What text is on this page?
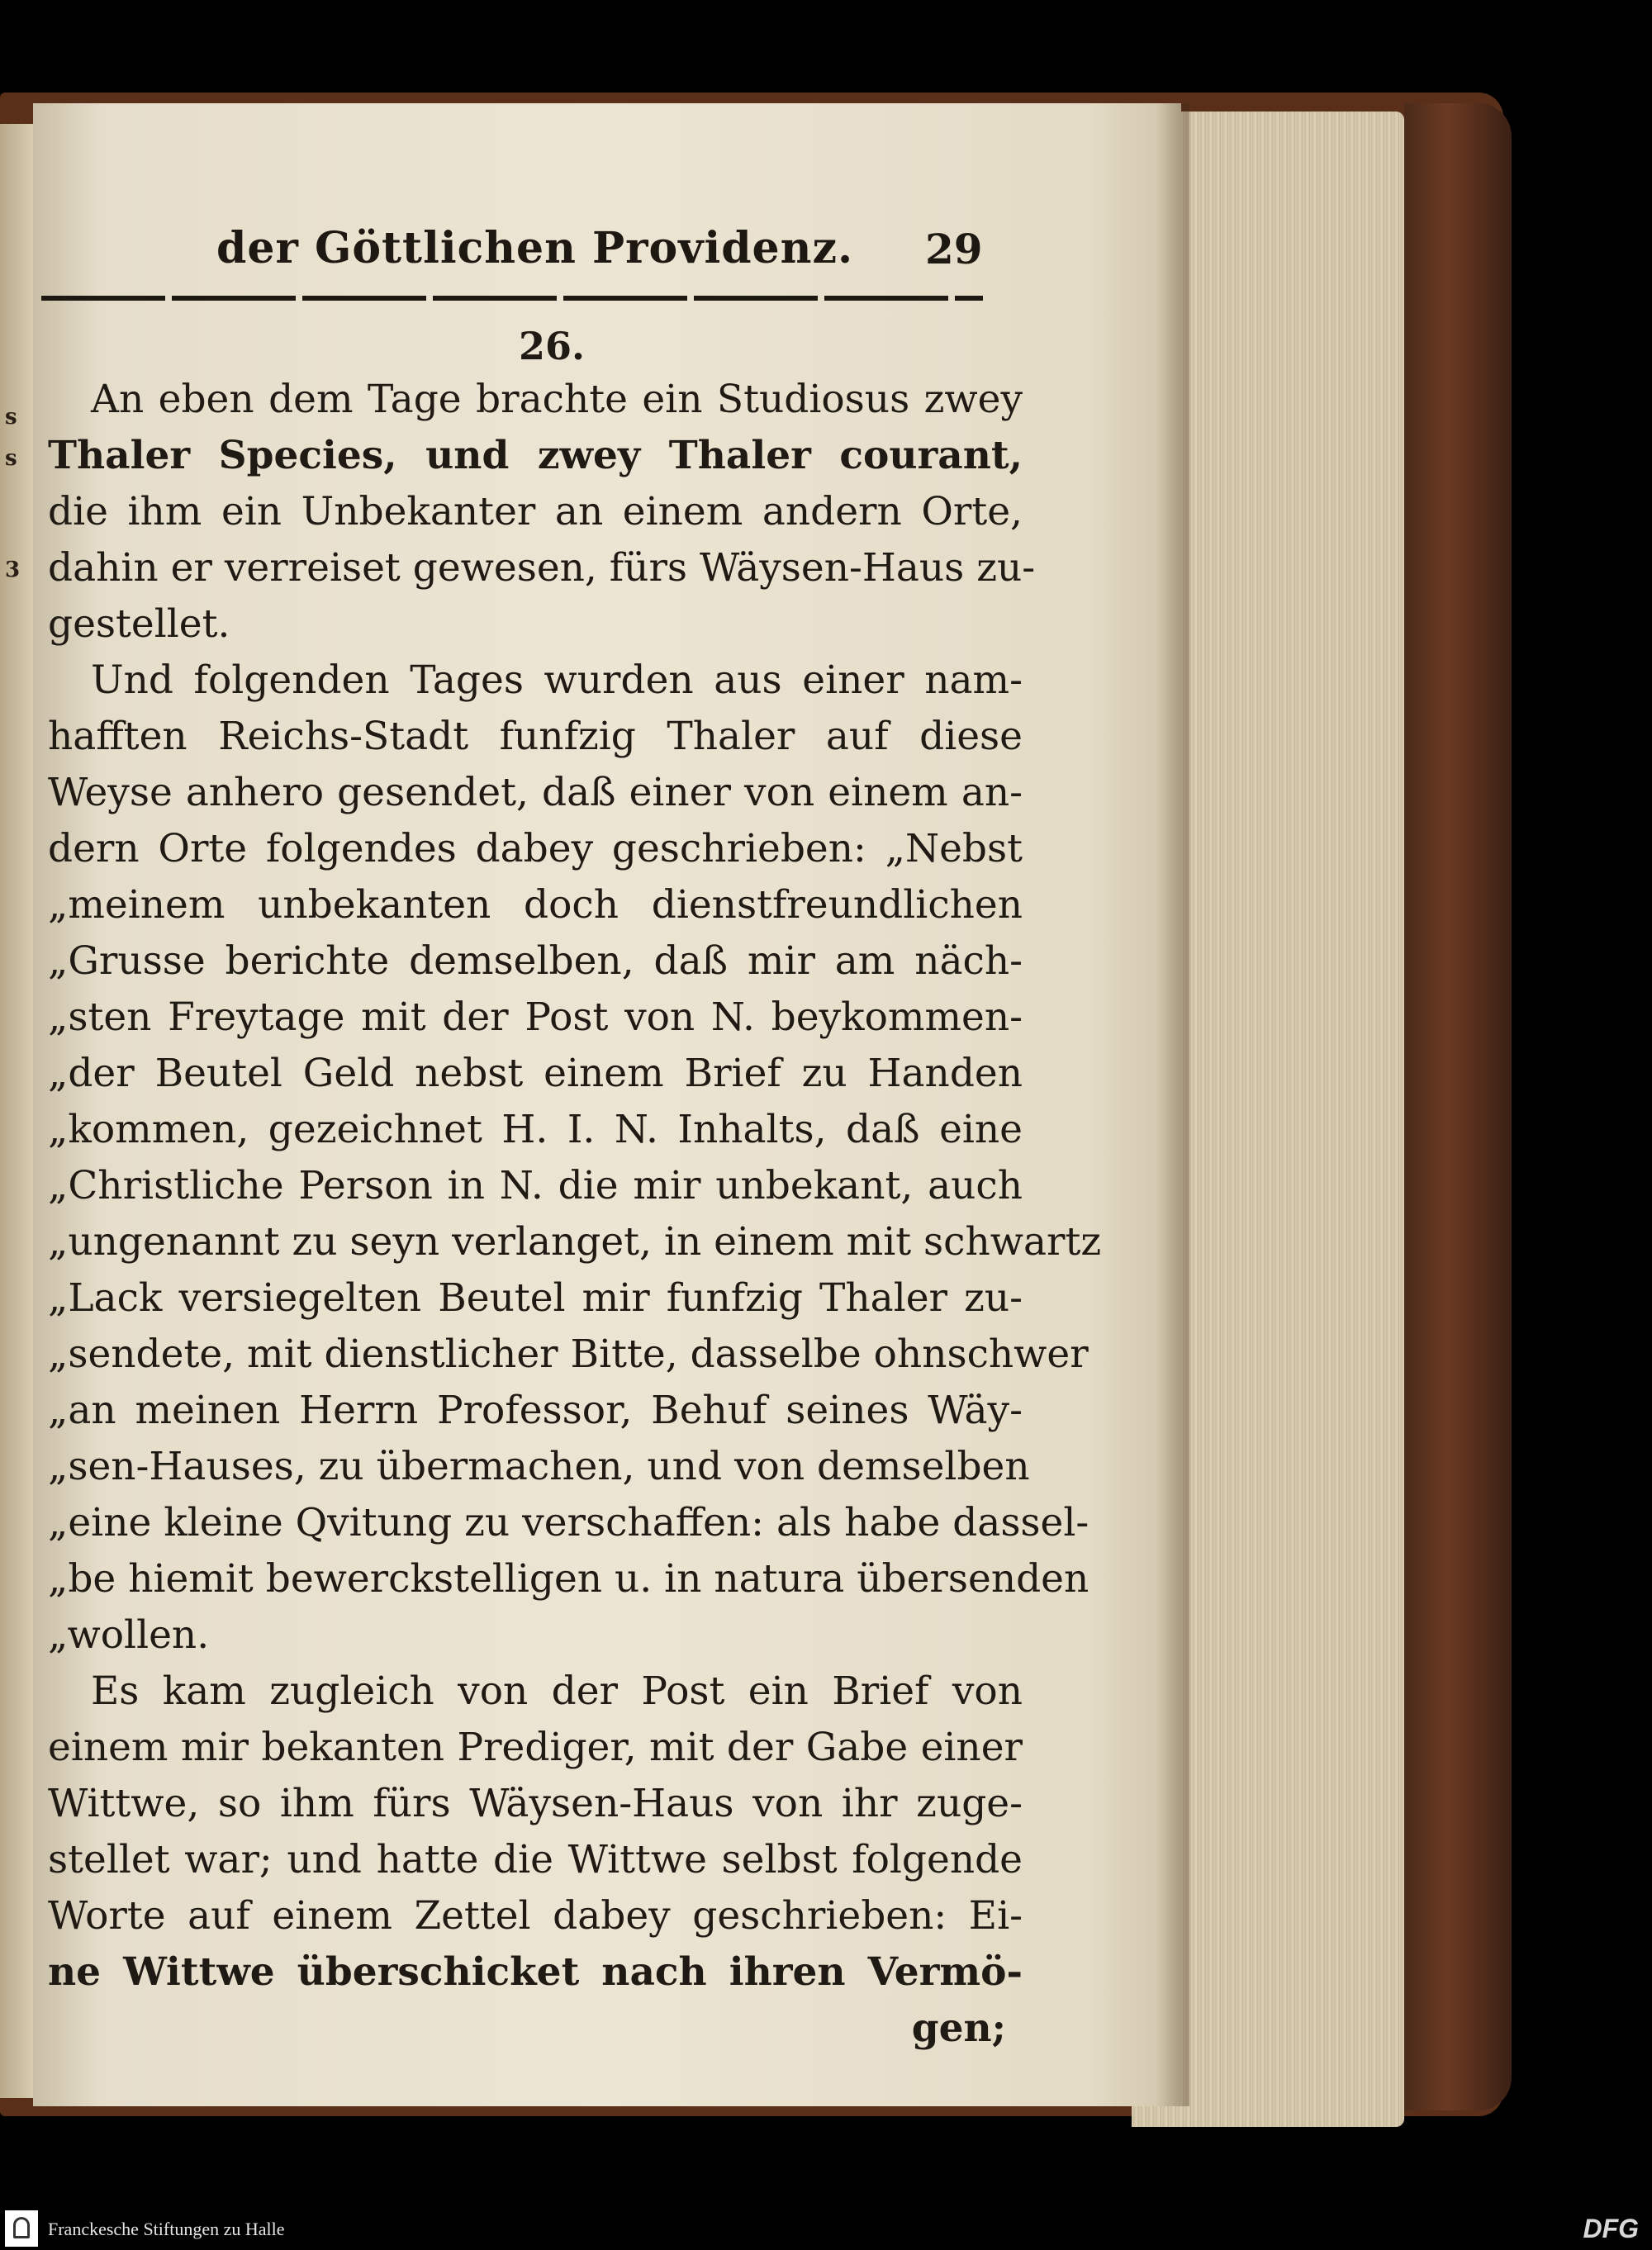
s
s
3
der Göttlichen Providenz. 29
26.
An eben dem Tage brachte ein Studiosus zwey
Thaler Species, und zwey Thaler courant,
die ihm ein Unbekanter an einem andern Orte,
dahin er verreiset gewesen, fürs Wäysen-Haus zu-
gestellet.
Und folgenden Tages wurden aus einer nam-
hafften Reichs-Stadt funfzig Thaler auf diese
Weyse anhero gesendet, daß einer von einem an-
dern Orte folgendes dabey geschrieben: „Nebst
„meinem unbekanten doch dienstfreundlichen
„Grusse berichte demselben, daß mir am näch-
„sten Freytage mit der Post von N. beykommen-
„der Beutel Geld nebst einem Brief zu Handen
„kommen, gezeichnet H. I. N. Inhalts, daß eine
„Christliche Person in N. die mir unbekant, auch
„ungenannt zu seyn verlanget, in einem mit schwartz
„Lack versiegelten Beutel mir funfzig Thaler zu-
„sendete, mit dienstlicher Bitte, dasselbe ohnschwer
„an meinen Herrn Professor, Behuf seines Wäy-
„sen-Hauses, zu übermachen, und von demselben
„eine kleine Qvitung zu verschaffen: als habe dassel-
„be hiemit bewerckstelligen u. in natura übersenden
„wollen.
Es kam zugleich von der Post ein Brief von
einem mir bekanten Prediger, mit der Gabe einer
Wittwe, so ihm fürs Wäysen-Haus von ihr zuge-
stellet war; und hatte die Wittwe selbst folgende
Worte auf einem Zettel dabey geschrieben: Ei-
ne Wittwe überschicket nach ihren Vermö-
gen;
Franckesche Stiftungen zu Halle	DFG
